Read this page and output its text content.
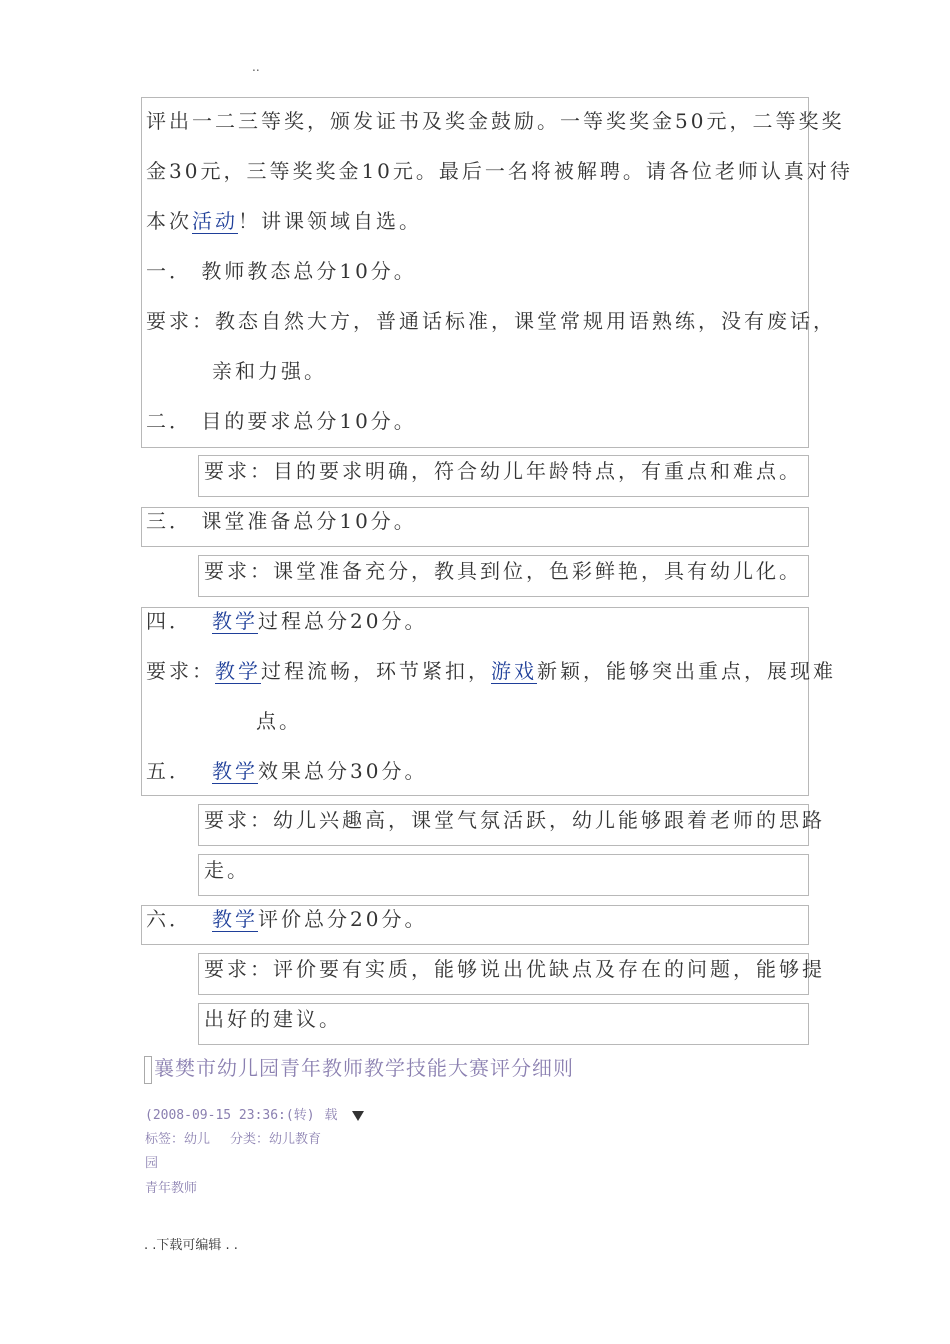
..
评出一二三等奖，颁发证书及奖金鼓励。一等奖奖金50元，二等奖奖
金30元，三等奖奖金10元。最后一名将被解聘。请各位老师认真对待
本次活动！讲课领域自选。
一． 教师教态总分10分。
要求：教态自然大方，普通话标准，课堂常规用语熟练，没有废话，
亲和力强。
二． 目的要求总分10分。
要求：目的要求明确，符合幼儿年龄特点，有重点和难点。
三． 课堂准备总分10分。
要求：课堂准备充分，教具到位，色彩鲜艳，具有幼儿化。
四． 教学过程总分20分。
要求：教学过程流畅，环节紧扣，游戏新颖，能够突出重点，展现难
点。
五． 教学效果总分30分。
要求：幼儿兴趣高，课堂气氛活跃，幼儿能够跟着老师的思路
走。
六． 教学评价总分20分。
要求：评价要有实质，能够说出优缺点及存在的问题，能够提
出好的建议。
襄樊市幼儿园青年教师教学技能大赛评分细则
(2008-09-15 23:36:(转) 载
标签：幼儿 分类：幼儿教育
园
青年教师
. .下载可编辑 . .
